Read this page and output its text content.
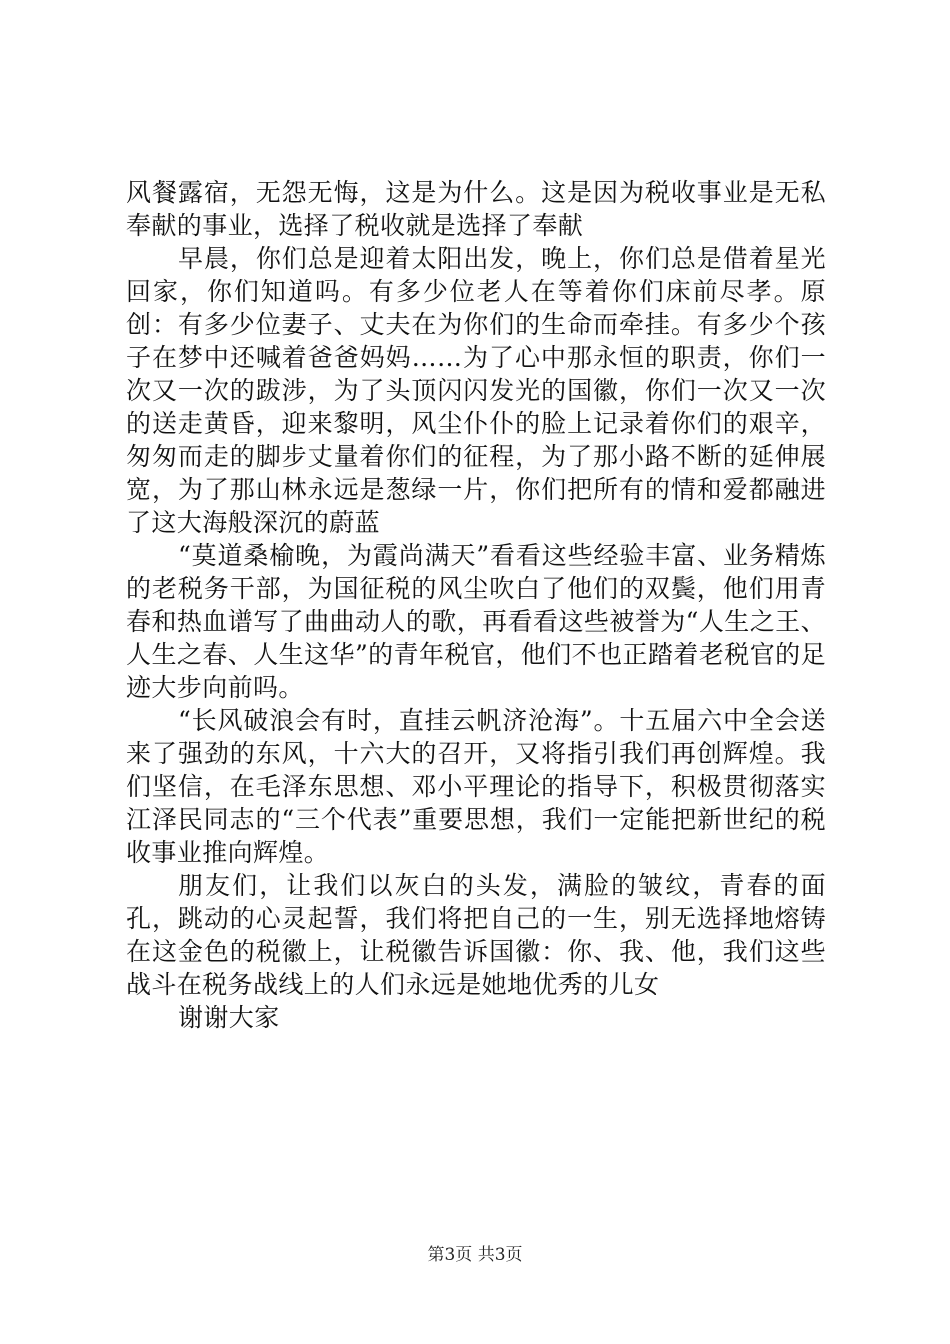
风餐露宿，无怨无悔，这是为什么。这是因为税收事业是无私奉献的事业，选择了税收就是选择了奉献

早晨，你们总是迎着太阳出发，晚上，你们总是借着星光回家，你们知道吗。有多少位老人在等着你们床前尽孝。原创：有多少位妻子、丈夫在为你们的生命而牵挂。有多少个孩子在梦中还喊着爸爸妈妈……为了心中那永恒的职责，你们一次又一次的跋涉，为了头顶闪闪发光的国徽，你们一次又一次的送走黄昏，迎来黎明，风尘仆仆的脸上记录着你们的艰辛，匆匆而走的脚步丈量着你们的征程，为了那小路不断的延伸展宽，为了那山林永远是葱绿一片，你们把所有的情和爱都融进了这大海般深沉的蔚蓝

“莫道桑榆晚，为霞尚满天”看看这些经验丰富、业务精炼的老税务干部，为国征税的风尘吹白了他们的双鬓，他们用青春和热血谱写了曲曲动人的歌，再看看这些被誉为“人生之王、人生之春、人生这华”的青年税官，他们不也正踏着老税官的足迹大步向前吗。

“长风破浪会有时，直挂云帆济沧海”。十五届六中全会送来了强劲的东风，十六大的召开，又将指引我们再创辉煌。我们坚信，在毛泽东思想、邓小平理论的指导下，积极贯彻落实江泽民同志的“三个代表”重要思想，我们一定能把新世纪的税收事业推向辉煌。

朋友们，让我们以灰白的头发，满脸的皱纹，青春的面孔，跳动的心灵起誓，我们将把自己的一生，别无选择地熔铸在这金色的税徽上，让税徽告诉国徽：你、我、他，我们这些战斗在税务战线上的人们永远是她地优秀的儿女

谢谢大家

第3页 共3页
